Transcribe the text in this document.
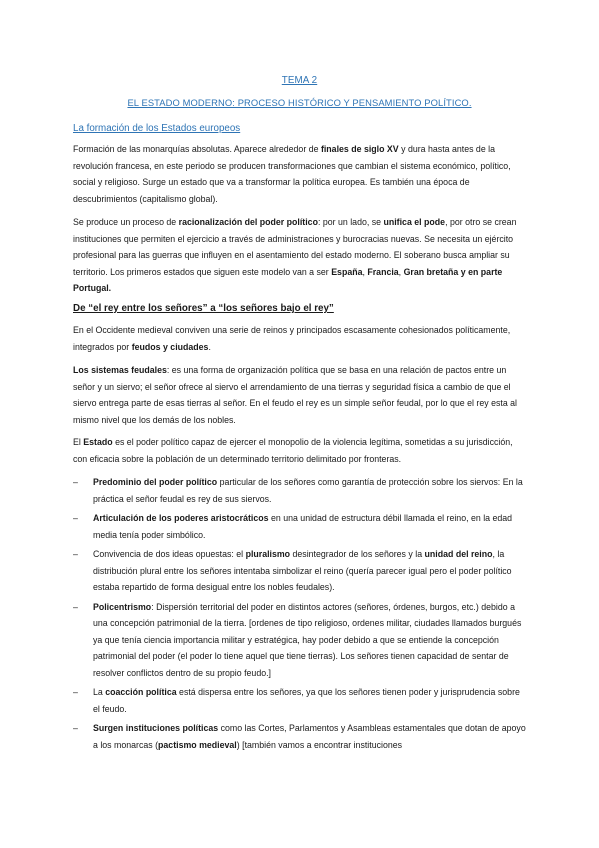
TEMA 2
EL ESTADO MODERNO: PROCESO HISTÓRICO Y PENSAMIENTO POLÍTICO.
La formación de los Estados europeos

Formación de las monarquías absolutas. Aparece alrededor de finales de siglo XV y dura hasta antes de la revolución francesa, en este periodo se producen transformaciones que cambian el sistema económico, político, social y religioso. Surge un estado que va a transformar la política europea. Es también una época de descubrimientos (capitalismo global).

Se produce un proceso de racionalización del poder político: por un lado, se unifica el pode, por otro se crean instituciones que permiten el ejercicio a través de administraciones y burocracias nuevas. Se necesita un ejército profesional para las guerras que influyen en el asentamiento del estado moderno. El soberano busca ampliar su territorio. Los primeros estados que siguen este modelo van a ser España, Francia, Gran bretaña y en parte Portugal.

De “el rey entre los señores” a “los señores bajo el rey”

En el Occidente medieval conviven una serie de reinos y principados escasamente cohesionados políticamente, integrados por feudos y ciudades.

Los sistemas feudales: es una forma de organización política que se basa en una relación de pactos entre un señor y un siervo; el señor ofrece al siervo el arrendamiento de una tierras y seguridad física a cambio de que el siervo entrega parte de esas tierras al señor. En el feudo el rey es un simple señor feudal, por lo que el rey esta al mismo nivel que los demás de los nobles.

El Estado es el poder político capaz de ejercer el monopolio de la violencia legítima, sometidas a su jurisdicción, con eficacia sobre la población de un determinado territorio delimitado por fronteras.

– Predominio del poder político particular de los señores como garantía de protección sobre los siervos: En la práctica el señor feudal es rey de sus siervos.
– Articulación de los poderes aristocráticos en una unidad de estructura débil llamada el reino, en la edad media tenía poder simbólico.
– Convivencia de dos ideas opuestas: el pluralismo desintegrador de los señores y la unidad del reino, la distribución plural entre los señores intentaba simbolizar el reino (quería parecer igual pero el poder político estaba repartido de forma desigual entre los nobles feudales).
– Policentrismo: Dispersión territorial del poder en distintos actores (señores, órdenes, burgos, etc.) debido a una concepción patrimonial de la tierra. [ordenes de tipo religioso, ordenes militar, ciudades llamados burgués ya que tenía ciencia importancia militar y estratégica, hay poder debido a que se entiende la concepción patrimonial del poder (el poder lo tiene aquel que tiene tierras). Los señores tienen capacidad de sentar de resolver conflictos dentro de su propio feudo.]
– La coacción política está dispersa entre los señores, ya que los señores tienen poder y jurisprudencia sobre el feudo.
– Surgen instituciones políticas como las Cortes, Parlamentos y Asambleas estamentales que dotan de apoyo a los monarcas (pactismo medieval) [también vamos a encontrar instituciones
